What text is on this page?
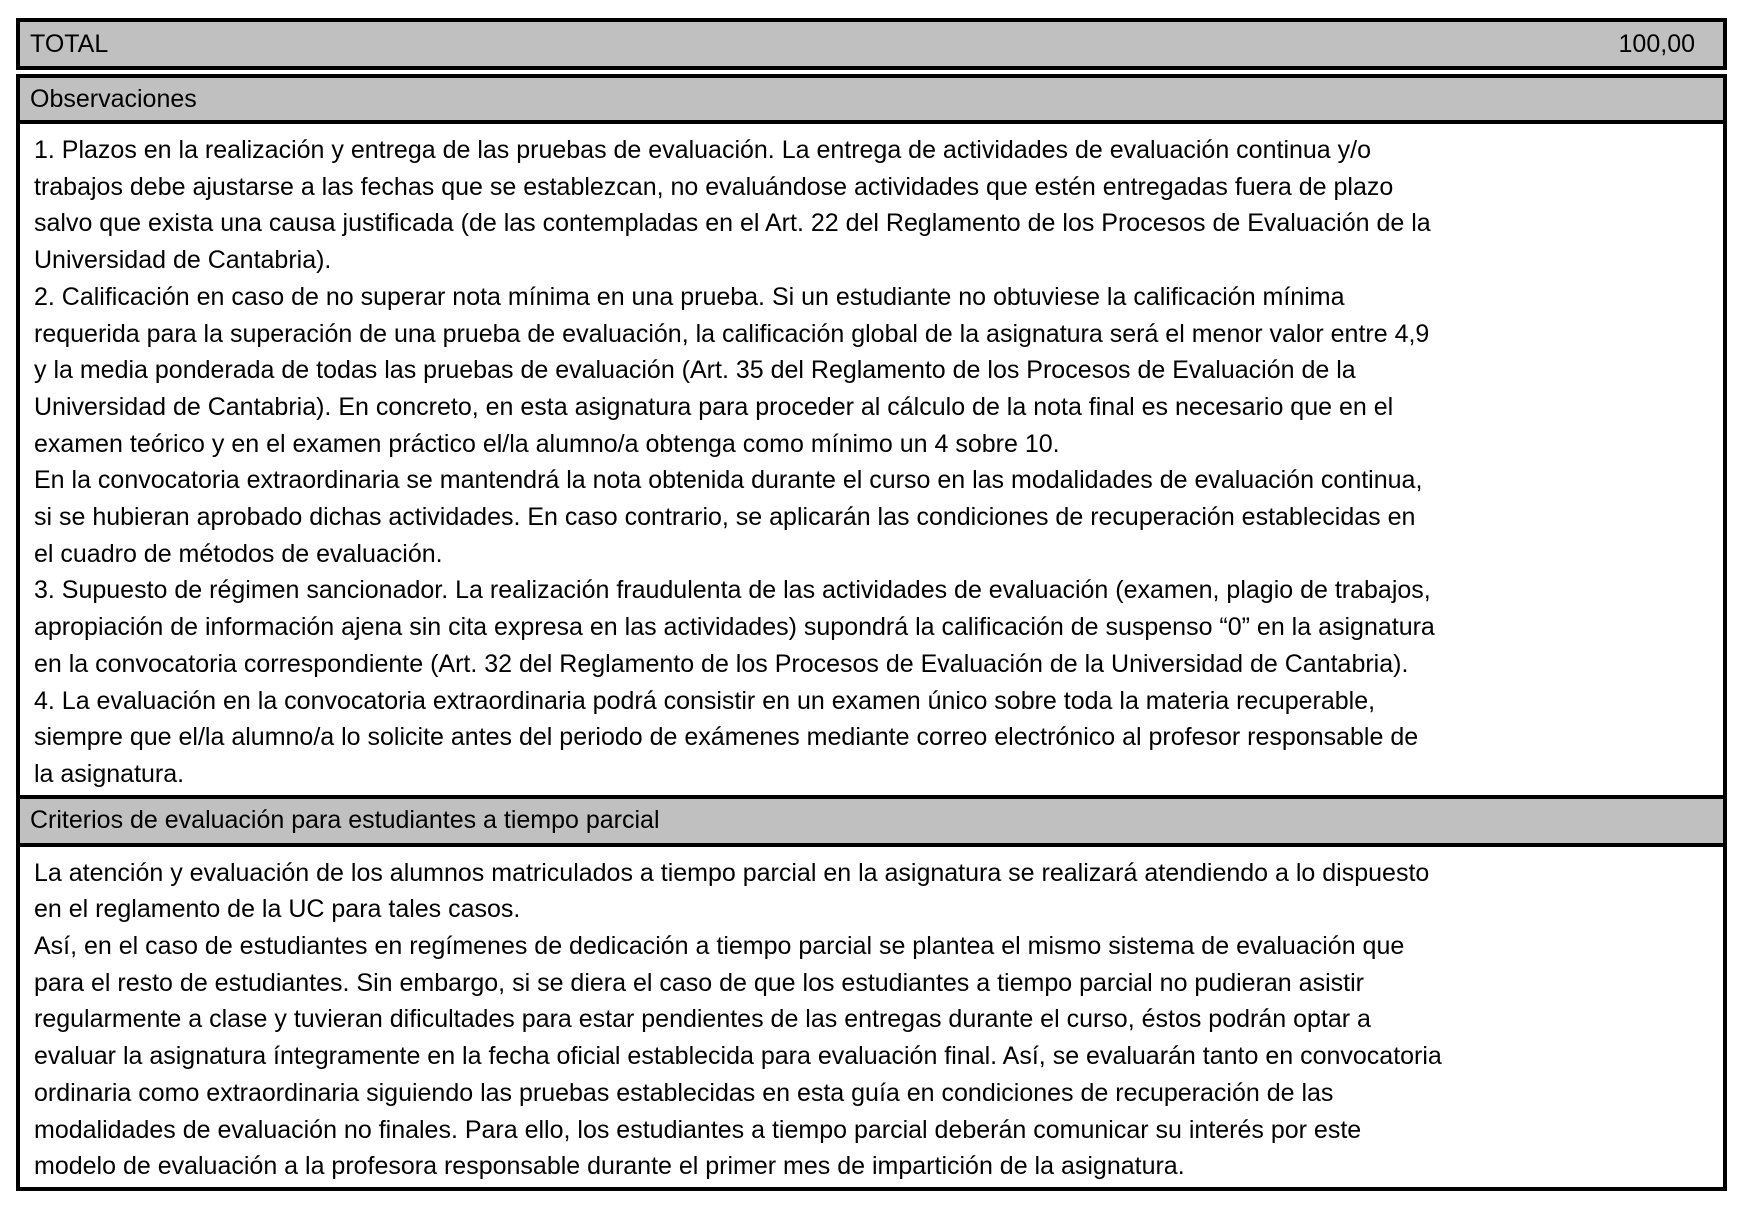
TOTAL	100,00
Observaciones
1. Plazos en la realización y entrega de las pruebas de evaluación. La entrega de actividades de evaluación continua y/o
trabajos debe ajustarse a las fechas que se establezcan, no evaluándose actividades que estén entregadas fuera de plazo
salvo que exista una causa justificada (de las contempladas en el Art. 22 del Reglamento de los Procesos de Evaluación de la
Universidad de Cantabria).
2. Calificación en caso de no superar nota mínima en una prueba. Si un estudiante no obtuviese la calificación mínima
requerida para la superación de una prueba de evaluación, la calificación global de la asignatura será el menor valor entre 4,9
y la media ponderada de todas las pruebas de evaluación (Art. 35 del Reglamento de los Procesos de Evaluación de la
Universidad de Cantabria). En concreto, en esta asignatura para proceder al cálculo de la nota final es necesario que en el
examen teórico y en el examen práctico el/la alumno/a obtenga como mínimo un 4 sobre 10.
En la convocatoria extraordinaria se mantendrá la nota obtenida durante el curso en las modalidades de evaluación continua,
si se hubieran aprobado dichas actividades. En caso contrario, se aplicarán las condiciones de recuperación establecidas en
el cuadro de métodos de evaluación.
3. Supuesto de régimen sancionador. La realización fraudulenta de las actividades de evaluación (examen, plagio de trabajos,
apropiación de información ajena sin cita expresa en las actividades) supondrá la calificación de suspenso “0” en la asignatura
en la convocatoria correspondiente (Art. 32 del Reglamento de los Procesos de Evaluación de la Universidad de Cantabria).
4. La evaluación en la convocatoria extraordinaria podrá consistir en un examen único sobre toda la materia recuperable,
siempre que el/la alumno/a lo solicite antes del periodo de exámenes mediante correo electrónico al profesor responsable de
la asignatura.
Criterios de evaluación para estudiantes a tiempo parcial
La atención y evaluación de los alumnos matriculados a tiempo parcial en la asignatura se realizará atendiendo a lo dispuesto
en el reglamento de la UC para tales casos.
Así, en el caso de estudiantes en regímenes de dedicación a tiempo parcial se plantea el mismo sistema de evaluación que
para el resto de estudiantes. Sin embargo, si se diera el caso de que los estudiantes a tiempo parcial no pudieran asistir
regularmente a clase y tuvieran dificultades para estar pendientes de las entregas durante el curso, éstos podrán optar a
evaluar la asignatura íntegramente en la fecha oficial establecida para evaluación final. Así, se evaluarán tanto en convocatoria
ordinaria como extraordinaria siguiendo las pruebas establecidas en esta guía en condiciones de recuperación de las
modalidades de evaluación no finales. Para ello, los estudiantes a tiempo parcial deberán comunicar su interés por este
modelo de evaluación a la profesora responsable durante el primer mes de impartición de la asignatura.
